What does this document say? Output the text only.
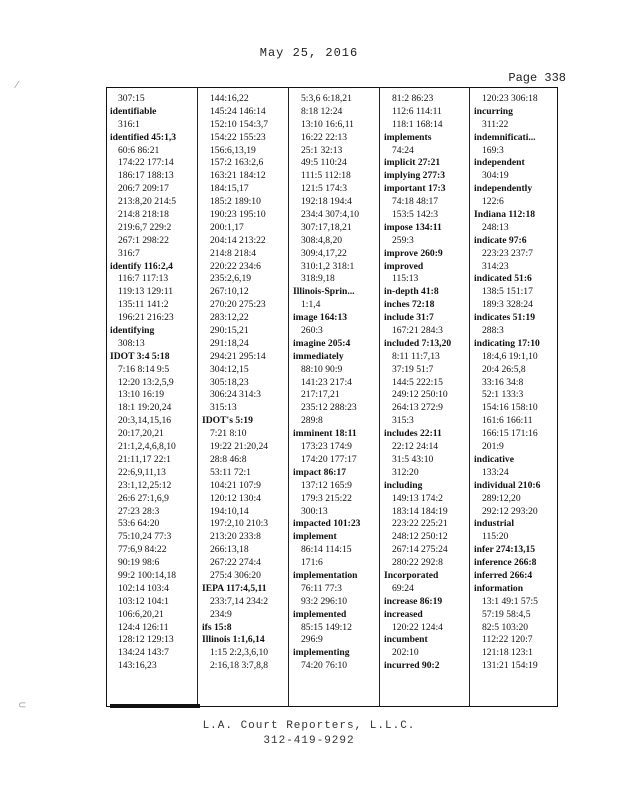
May 25, 2016
Page 338
307:15
identifiable
316:1
identified 45:1,3
60:6 86:21
174:22 177:14
186:17 188:13
206:7 209:17
213:8,20 214:5
214:8 218:18
219:6,7 229:2
267:1 298:22
316:7
identify 116:2,4
116:7 117:13
119:13 129:11
135:11 141:2
196:21 216:23
identifying
308:13
IDOT 3:4 5:18
7:16 8:14 9:5
12:20 13:2,5,9
13:10 16:19
18:1 19:20,24
20:3,14,15,16
20:17,20,21
21:1,2,4,6,8,10
21:11,17 22:1
22:6,9,11,13
23:1,12,25:12
26:6 27:1,6,9
27:23 28:3
53:6 64:20
75:10,24 77:3
77:6,9 84:22
90:19 98:6
99:2 100:14,18
102:14 103:4
103:12 104:1
106:6,20,21
124:4 126:11
128:12 129:13
134:24 143:7
143:16,23
144:16,22
145:24 146:14
152:10 154:3,7
154:22 155:23
156:6,13,19
157:2 163:2,6
163:21 184:12
184:15,17
185:2 189:10
190:23 195:10
200:1,17
204:14 213:22
214:8 218:4
220:22 234:6
235:2,6,19
267:10,12
270:20 275:23
283:12,22
290:15,21
291:18,24
294:21 295:14
304:12,15
305:18,23
306:24 314:3
315:13
IDOT's 5:19
7:21 8:10
19:22 21:20,24
28:8 46:8
53:11 72:1
104:21 107:9
120:12 130:4
194:10,14
197:2,10 210:3
213:20 233:8
266:13,18
267:22 274:4
275:4 306:20
IEPA 117:4,5,11
233:7,14 234:2
234:9
ifs 15:8
Illinois 1:1,6,14
1:15 2:2,3,6,10
2:16,18 3:7,8,8
5:3,6 6:18,21
8:18 12:24
13:10 16:6,11
16:22 22:13
25:1 32:13
49:5 110:24
111:5 112:18
121:5 174:3
192:18 194:4
234:4 307:4,10
307:17,18,21
308:4,8,20
309:4,17,22
310:1,2 318:1
318:9,18
Illinois-Sprin...
1:1,4
image 164:13
260:3
imagine 205:4
immediately
88:10 90:9
141:23 217:4
217:17,21
235:12 288:23
289:8
imminent 18:11
173:23 174:9
174:20 177:17
impact 86:17
137:12 165:9
179:3 215:22
300:13
impacted 101:23
implement
86:14 114:15
171:6
implementation
76:11 77:3
93:2 296:10
implemented
85:15 149:12
296:9
implementing
74:20 76:10
81:2 86:23
112:6 114:11
118:1 168:14
implements
74:24
implicit 27:21
implying 277:3
important 17:3
74:18 48:17
153:5 142:3
impose 134:11
259:3
improve 260:9
improved
115:13
in-depth 41:8
inches 72:18
include 31:7
167:21 284:3
included 7:13,20
8:11 11:7,13
37:19 51:7
144:5 222:15
249:12 250:10
264:13 272:9
315:3
includes 22:11
22:12 24:14
31:5 43:10
312:20
including
149:13 174:2
183:14 184:19
223:22 225:21
248:12 250:12
267:14 275:24
280:22 292:8
Incorporated
69:24
increase 86:19
increased
120:22 124:4
incumbent
202:10
incurred 90:2
120:23 306:18
incurring
311:22
indemnificati...
169:3
independent
304:19
independently
122:6
Indiana 112:18
248:13
indicate 97:6
223:23 237:7
314:23
indicated 51:6
138:5 151:17
189:3 328:24
indicates 51:19
288:3
indicating 17:10
18:4,6 19:1,10
20:4 26:5,8
33:16 34:8
52:1 133:3
154:16 158:10
161:6 166:11
166:15 171:16
201:9
indicative
133:24
individual 210:6
289:12,20
292:12 293:20
industrial
115:20
infer 274:13,15
inference 266:8
inferred 266:4
information
13:1 49:1 57:5
57:19 58:4,5
82:5 103:20
112:22 120:7
121:18 123:1
131:21 154:19
L.A. Court Reporters, L.L.C.
312-419-9292
⁄
⊂
